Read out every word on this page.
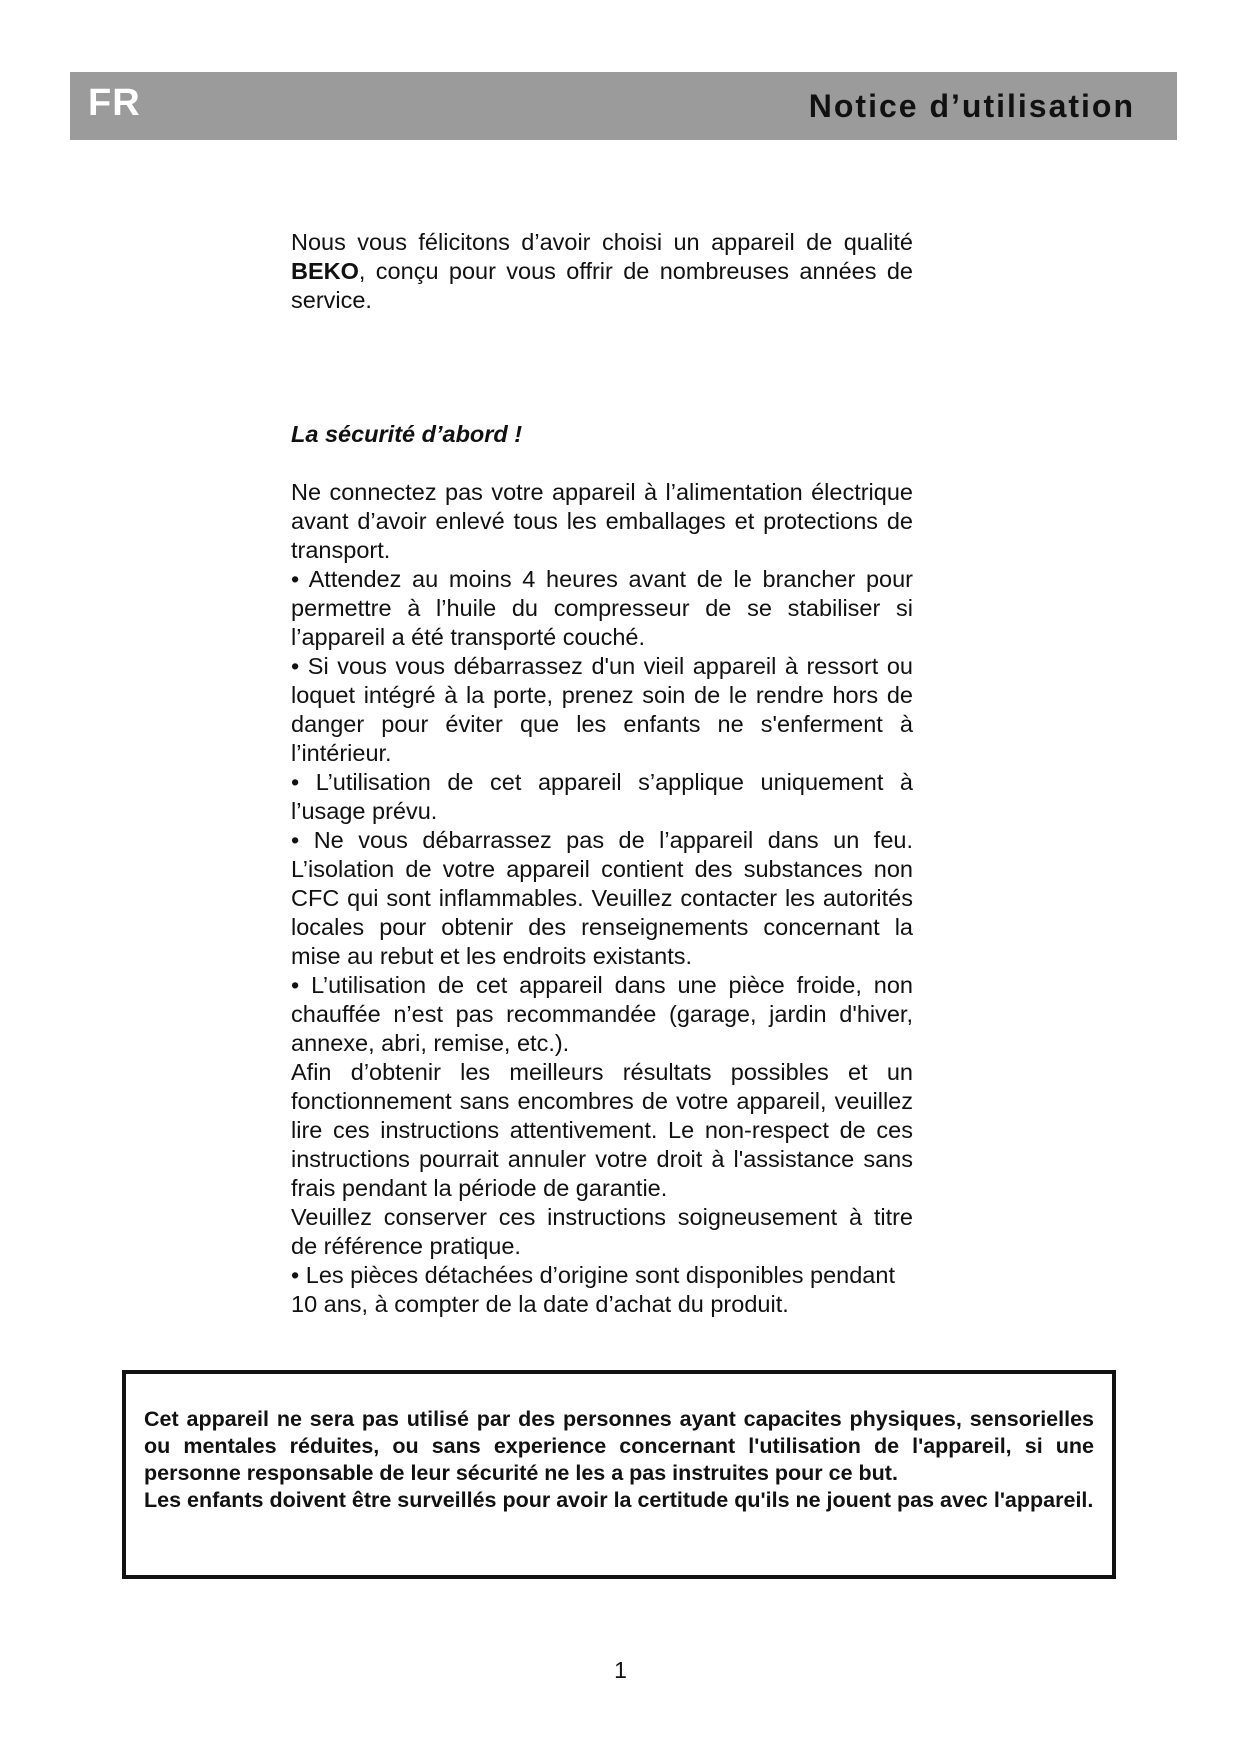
FR	Notice d’utilisation

Nous vous félicitons d’avoir choisi un appareil de qualité BEKO, conçu pour vous offrir de nombreuses années de service.

La sécurité d’abord !

Ne connectez pas votre appareil à l’alimentation électrique avant d’avoir enlevé tous les emballages et protections de transport.

• Attendez au moins 4 heures avant de le brancher pour permettre à l’huile du compresseur de se stabiliser si l’appareil a été transporté couché.

• Si vous vous débarrassez d'un vieil appareil à ressort ou loquet intégré à la porte, prenez soin de le rendre hors de danger pour éviter que les enfants ne s'enferment à l’intérieur.

• L’utilisation de cet appareil s’applique uniquement à l’usage prévu.

• Ne vous débarrassez pas de l’appareil dans un feu. L’isolation de votre appareil contient des substances non CFC qui sont inflammables. Veuillez contacter les autorités locales pour obtenir des renseignements concernant la mise au rebut et les endroits existants.

• L’utilisation de cet appareil dans une pièce froide, non chauffée n’est pas recommandée (garage, jardin d'hiver, annexe, abri, remise, etc.).

Afin d’obtenir les meilleurs résultats possibles et un fonctionnement sans encombres de votre appareil, veuillez lire ces instructions attentivement. Le non-respect de ces instructions pourrait annuler votre droit à l'assistance sans frais pendant la période de garantie.

Veuillez conserver ces instructions soigneusement à titre de référence pratique.

• Les pièces détachées d’origine sont disponibles pendant 10 ans, à compter de la date d’achat du produit.

Cet appareil ne sera pas utilisé par des personnes ayant capacites physiques, sensorielles ou mentales réduites, ou sans experience concernant l'utilisation de l'appareil, si une personne responsable de leur sécurité ne les a pas instruites pour ce but.

Les enfants doivent être surveillés pour avoir la certitude qu'ils ne jouent pas avec l'appareil.

1
